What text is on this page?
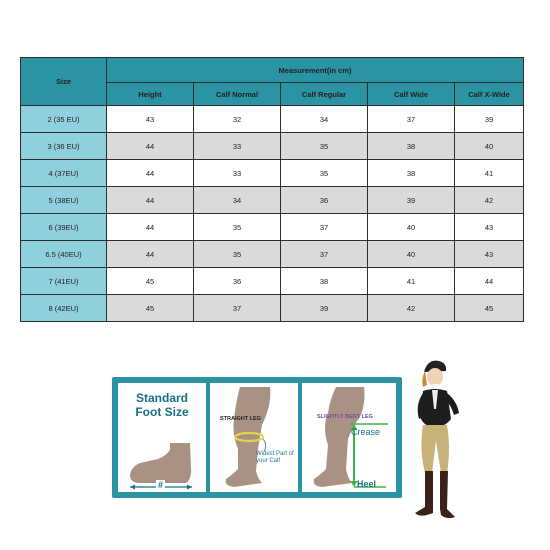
Size	Measurement(in cm)				
	Height	Calf Normal	Calf Regular	Calf Wide	Calf X-Wide
2 (35 EU)	43	32	34	37	39
3 (36 EU)	44	33	35	38	40
4 (37EU)	44	33	35	38	41
5 (38EU)	44	34	36	39	42
6 (39EU)	44	35	37	40	43
6.5 (40EU)	44	35	37	40	43
7 (41EU)	45	36	38	41	44
8 (42EU)	45	37	39	42	45
Standard
Foot Size
#
STRAIGHT LEG
Widest Part of your Calf
SLIGHTLY BENT LEG
Crease
Heel
